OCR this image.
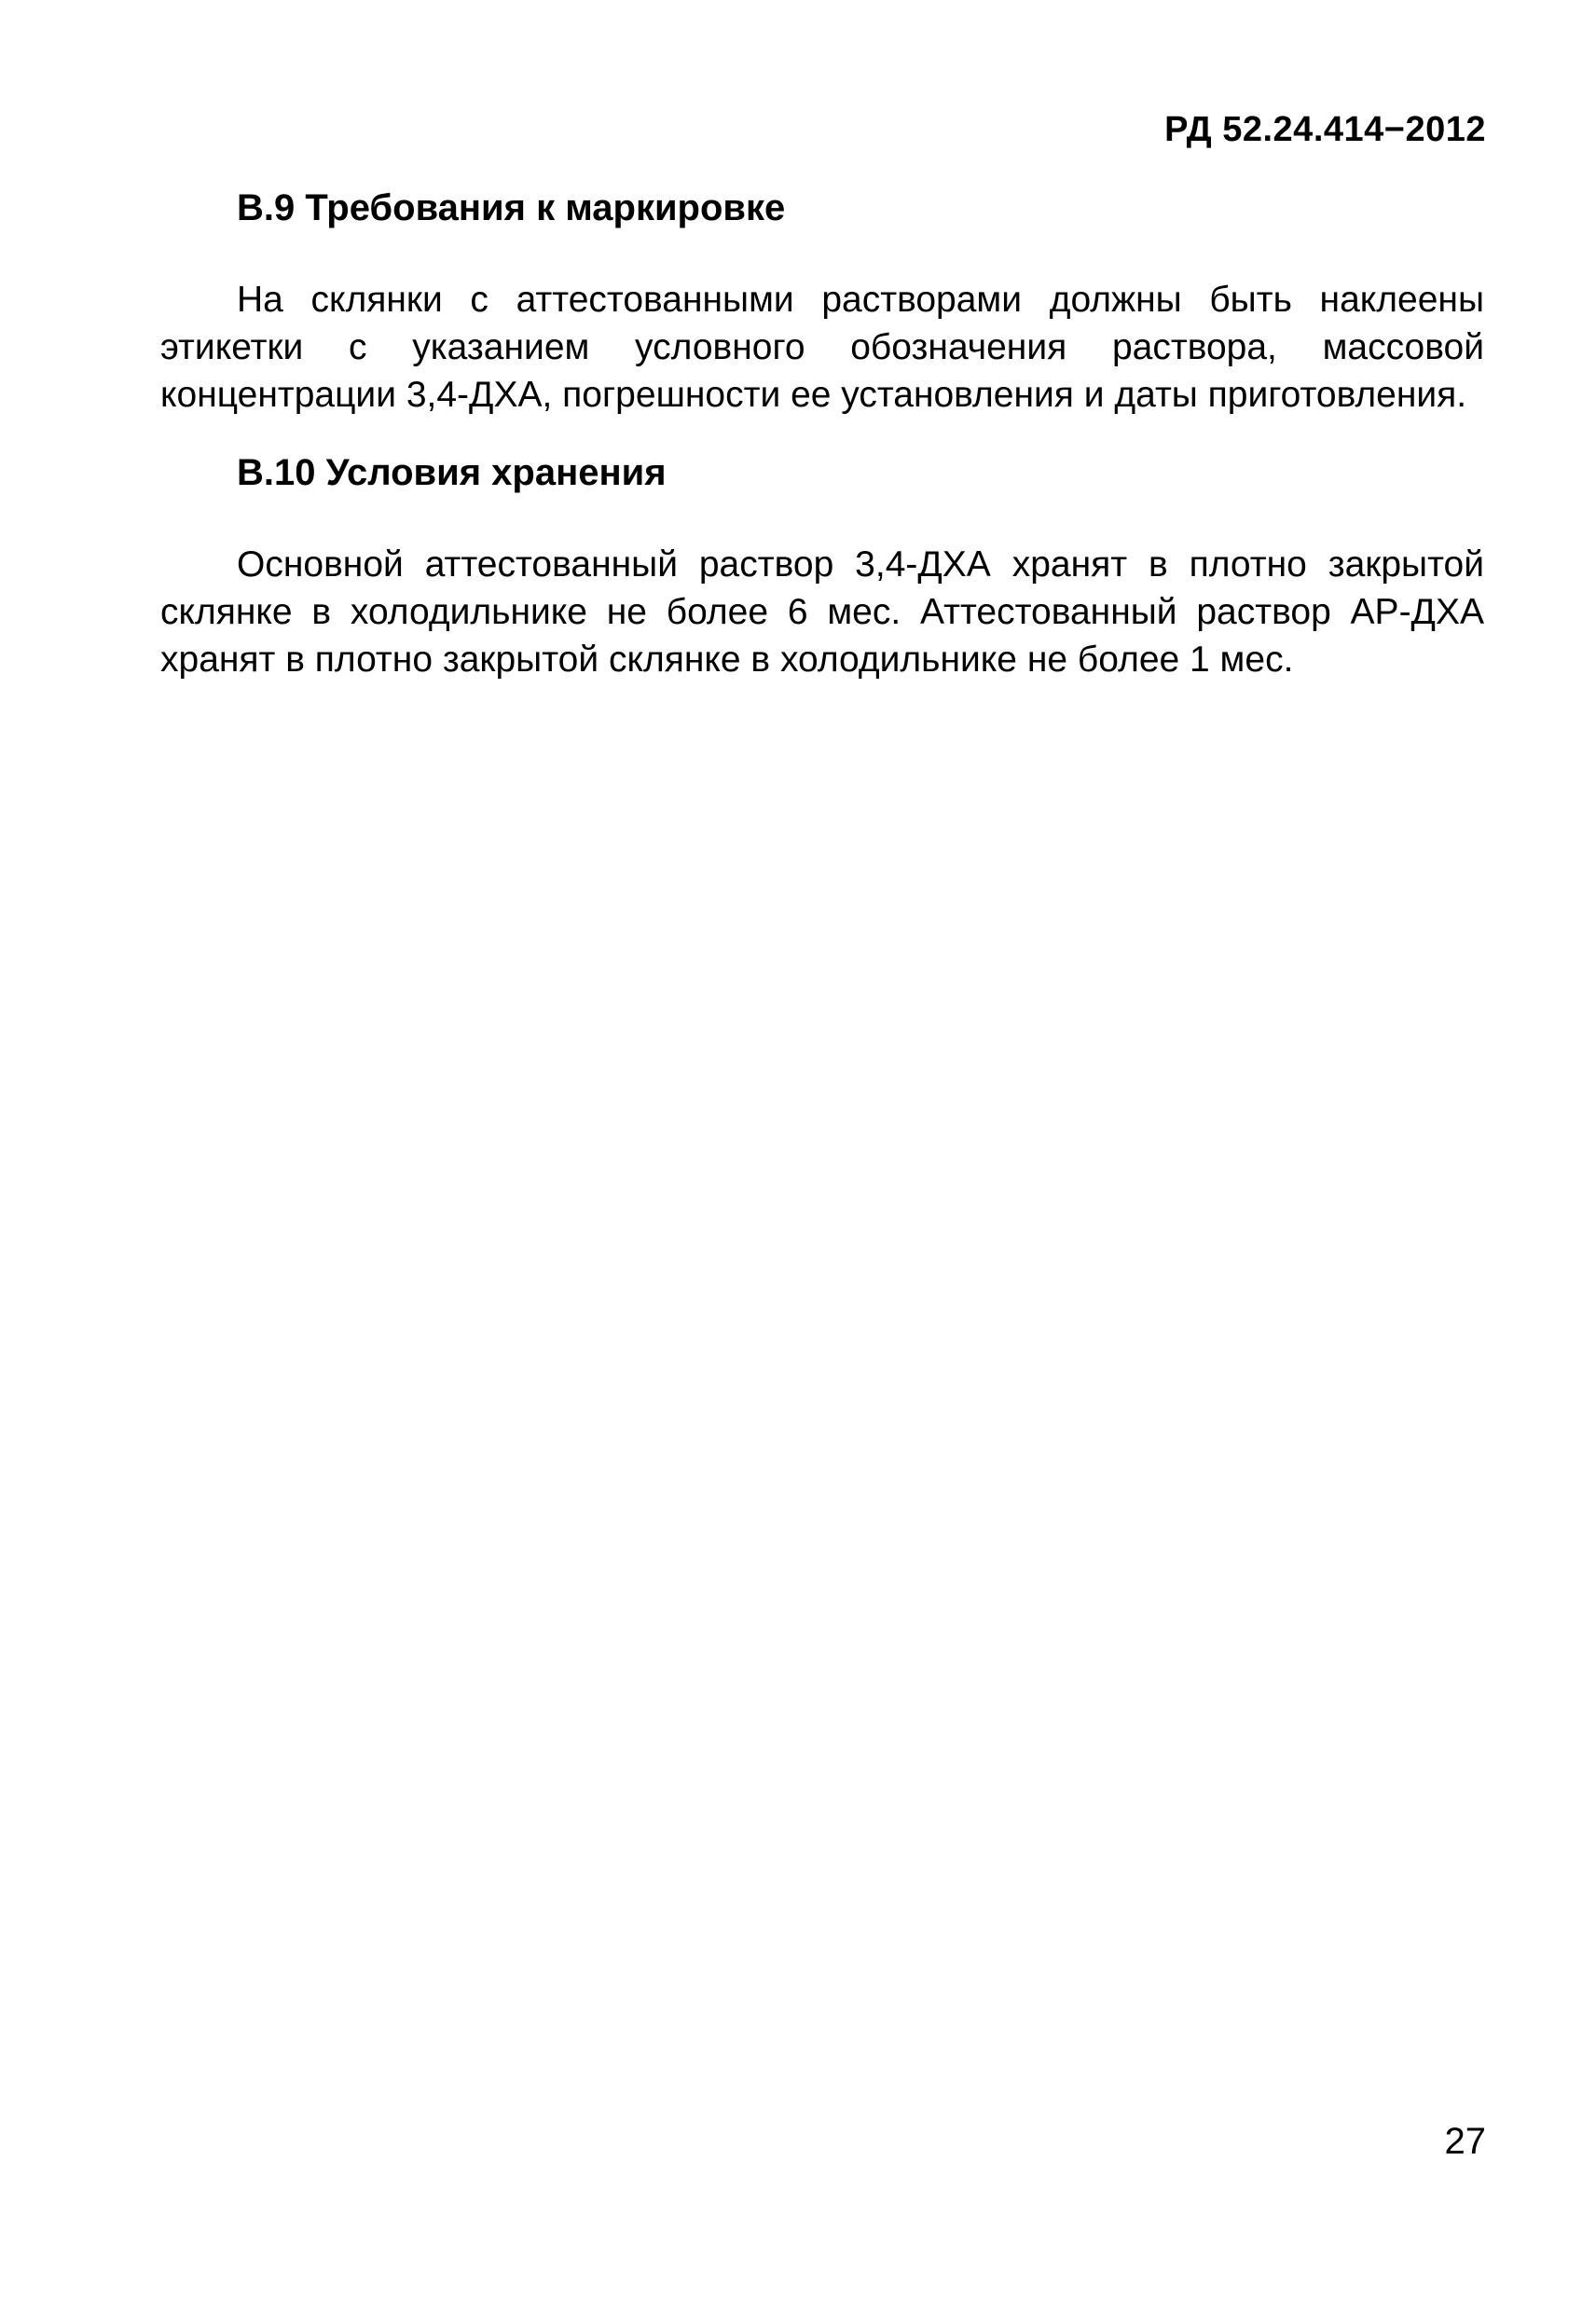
РД 52.24.414−2012
В.9 Требования к маркировке

На склянки с аттестованными растворами должны быть наклеены этикетки с указанием условного обозначения раствора, массовой концентрации 3,4-ДХА, погрешности ее установления и даты приготовления.

В.10 Условия хранения

Основной аттестованный раствор 3,4-ДХА хранят в плотно закрытой склянке в холодильнике не более 6 мес. Аттестованный раствор АР-ДХА хранят в плотно закрытой склянке в холодильнике не более 1 мес.

27
